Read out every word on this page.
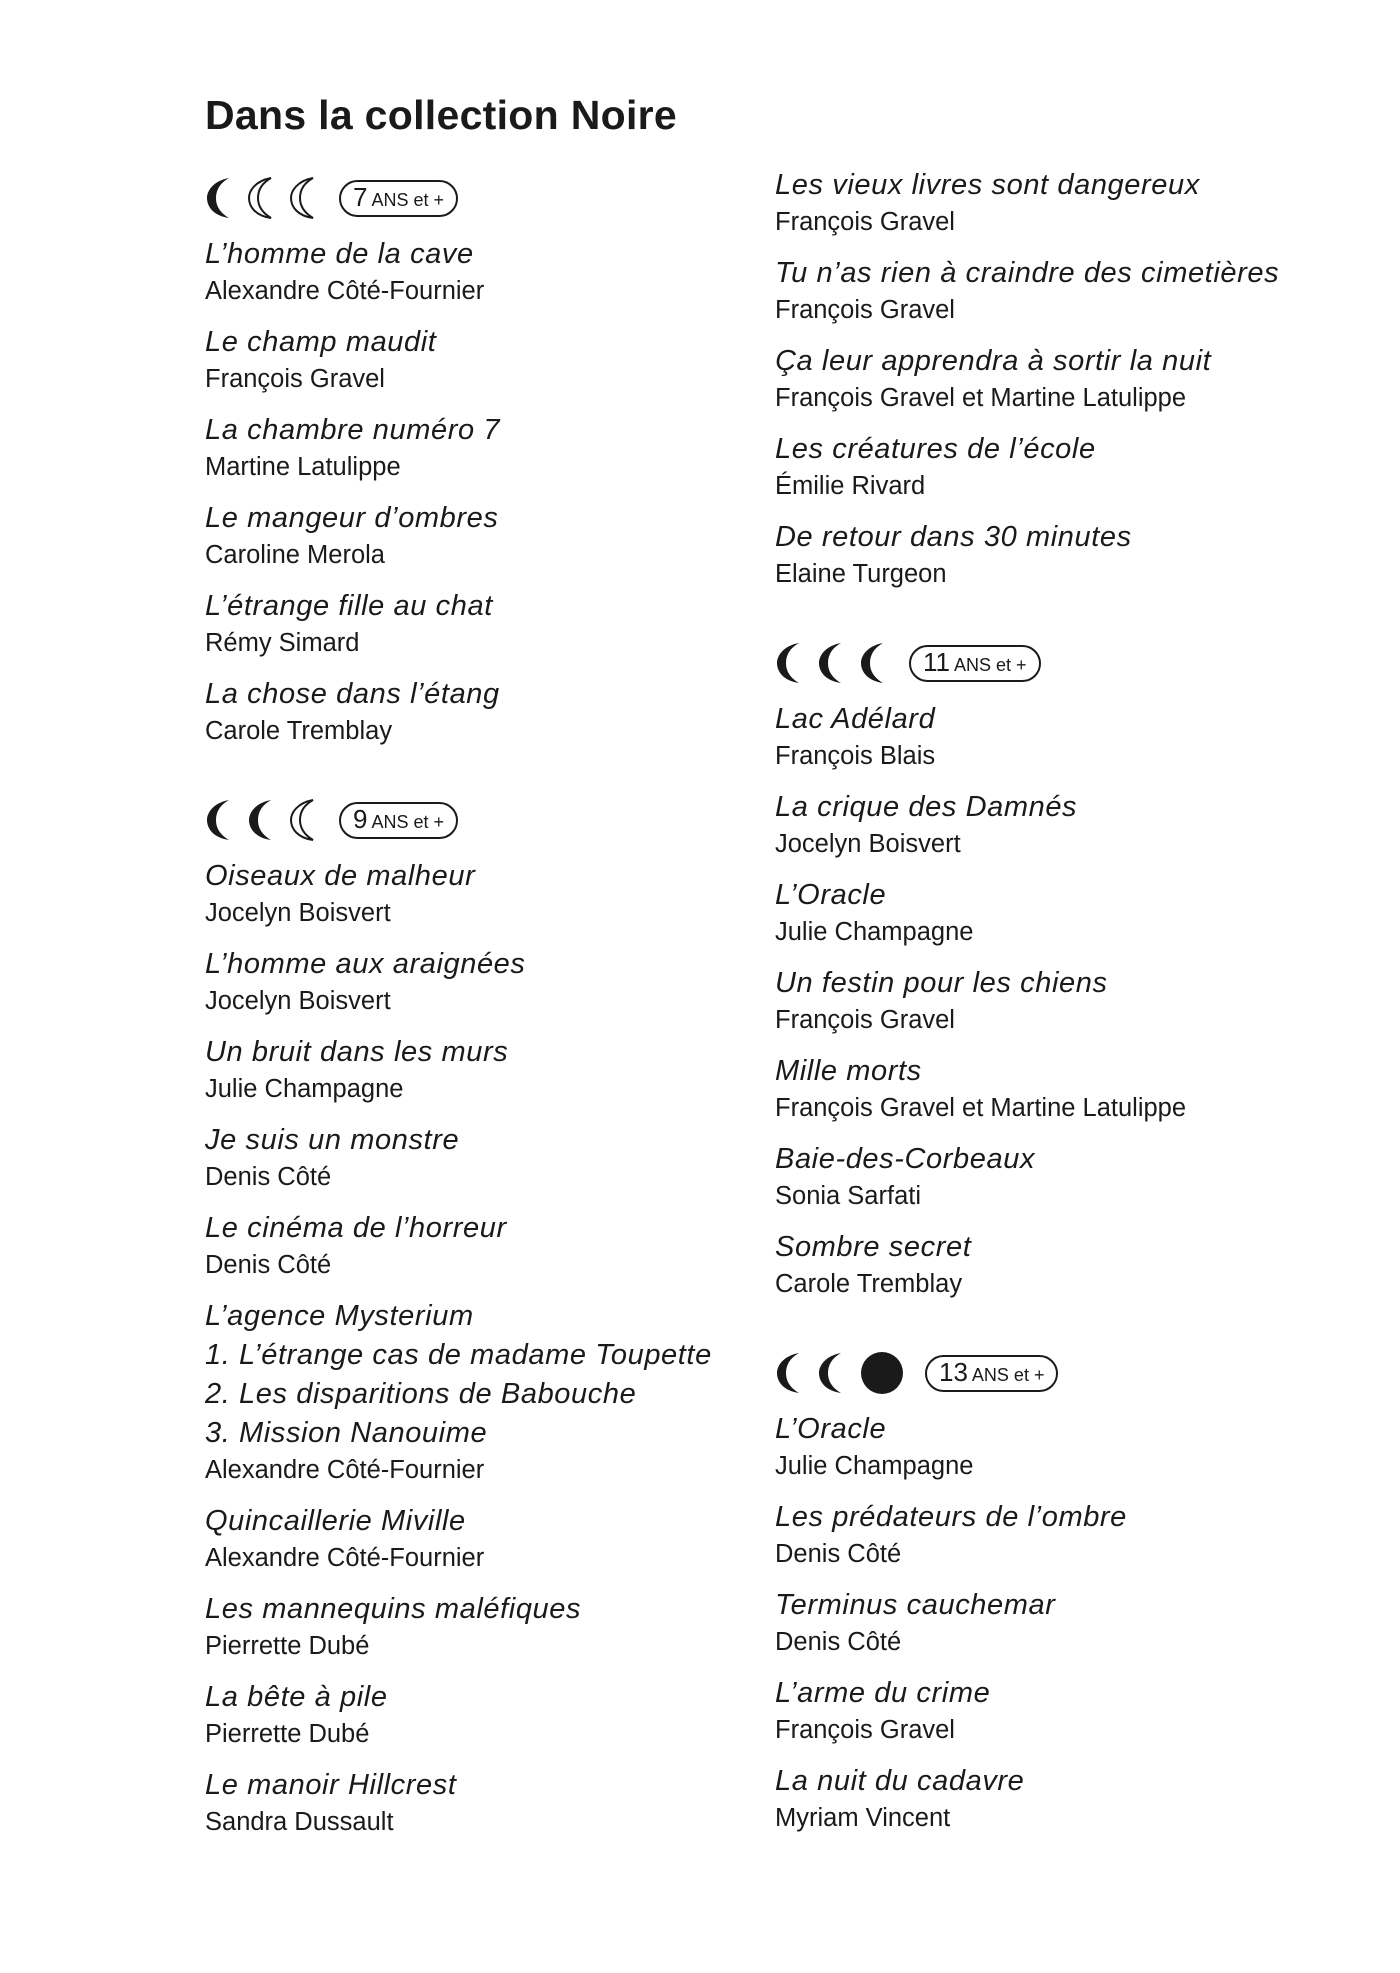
Dans la collection Noire
7 ANS et +
L’homme de la cave
Alexandre Côté-Fournier
Le champ maudit
François Gravel
La chambre numéro 7
Martine Latulippe
Le mangeur d’ombres
Caroline Merola
L’étrange fille au chat
Rémy Simard
La chose dans l’étang
Carole Tremblay
9 ANS et +
Oiseaux de malheur
Jocelyn Boisvert
L’homme aux araignées
Jocelyn Boisvert
Un bruit dans les murs
Julie Champagne
Je suis un monstre
Denis Côté
Le cinéma de l’horreur
Denis Côté
L’agence Mysterium
1. L’étrange cas de madame Toupette
2. Les disparitions de Babouche
3. Mission Nanouime
Alexandre Côté-Fournier
Quincaillerie Miville
Alexandre Côté-Fournier
Les mannequins maléfiques
Pierrette Dubé
La bête à pile
Pierrette Dubé
Le manoir Hillcrest
Sandra Dussault
Les vieux livres sont dangereux
François Gravel
Tu n’as rien à craindre des cimetières
François Gravel
Ça leur apprendra à sortir la nuit
François Gravel et Martine Latulippe
Les créatures de l’école
Émilie Rivard
De retour dans 30 minutes
Elaine Turgeon
11 ANS et +
Lac Adélard
François Blais
La crique des Damnés
Jocelyn Boisvert
L’Oracle
Julie Champagne
Un festin pour les chiens
François Gravel
Mille morts
François Gravel et Martine Latulippe
Baie-des-Corbeaux
Sonia Sarfati
Sombre secret
Carole Tremblay
13 ANS et +
L’Oracle
Julie Champagne
Les prédateurs de l’ombre
Denis Côté
Terminus cauchemar
Denis Côté
L’arme du crime
François Gravel
La nuit du cadavre
Myriam Vincent
